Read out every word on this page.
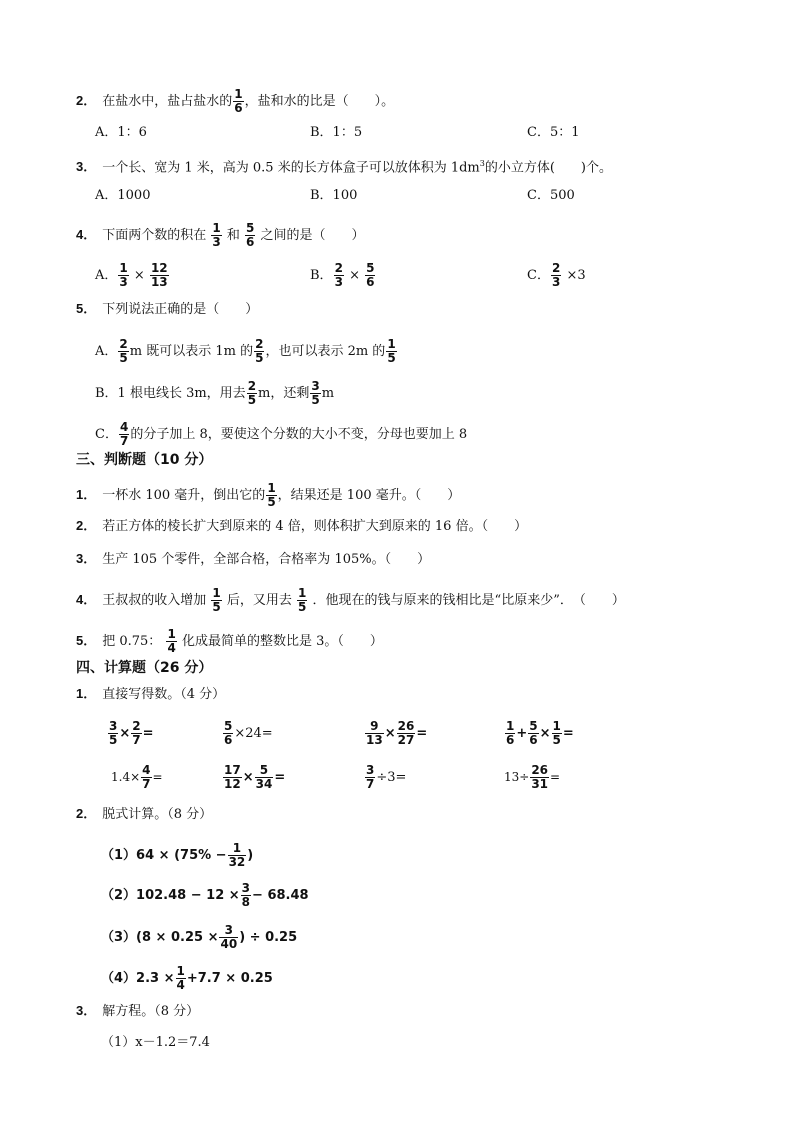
2． 在盐水中，盐占盐水的 $\frac{1}{6}$ ，盐和水的比是（　　）。
A．1：6	B．1：5	C．5：1
3． 一个长、宽为 1 米，高为 0.5 米的长方体盒子可以放体积为 $1dm^3$的小立方体(　　)个。
A．1000	B．100	C．500
4． 下面两个数的积在 $\frac{1}{3}$ 和 $\frac{5}{6}$ 之间的是（　　）
A． $\frac{1}{3} \times \frac{12}{13}$	B． $\frac{2}{3} \times \frac{5}{6}$	C． $\frac{2}{3} \times 3$
5． 下列说法正确的是（　　）
A． $\frac{2}{5}$ m 既可以表示 1m 的 $\frac{2}{5}$ ，也可以表示 2m 的 $\frac{1}{5}$
B．1 根电线长 3m，用去 $\frac{2}{5}$ m，还剩 $\frac{3}{5}$ m
C． $\frac{4}{7}$ 的分子加上 8，要使这个分数的大小不变，分母也要加上 8
三、判断题（10 分）
1． 一杯水 100 毫升，倒出它的 $\frac{1}{5}$ ，结果还是 100 毫升。（　　）
2． 若正方体的棱长扩大到原来的 4 倍，则体积扩大到原来的 16 倍。（　　）
3． 生产 105 个零件，全部合格，合格率为 105%。（　　）
4． 王叔叔的收入增加 $\frac{1}{5}$ 后，又用去 $\frac{1}{5}$ ．他现在的钱与原来的钱相比是“比原来少”．　（　　）
5． 把 0.75： $\frac{1}{4}$ 化成最简单的整数比是 3。（　　）
四、计算题（26 分）
1． 直接写得数。（4 分）
$\frac{3}{5} \times \frac{2}{7}$ =	$\frac{5}{6} \times 24=$	$\frac{9}{13} \times \frac{26}{27}$ =	$\frac{1}{6} + \frac{5}{6} \times \frac{1}{5}$ =
$1.4\times \frac{4}{7}$ =	$\frac{17}{12} \times \frac{5}{34}$ =	$\frac{3}{7} \div 3=$	$13\div \frac{26}{31}$ =
2． 脱式计算。（8 分）
$(1)64 \times (75\% - \frac{1}{32}$ )
$(2)102.48 - 12 \times \frac{3}{8} - 68.48$
$(3)(8 \times 0.25 \times \frac{3}{40}$ ) ÷ 0.25
$(4)2.3 \times \frac{1}{4} +7.7 \times 0.25$
3． 解方程。（8 分）
（1）x－1.2＝7.4
